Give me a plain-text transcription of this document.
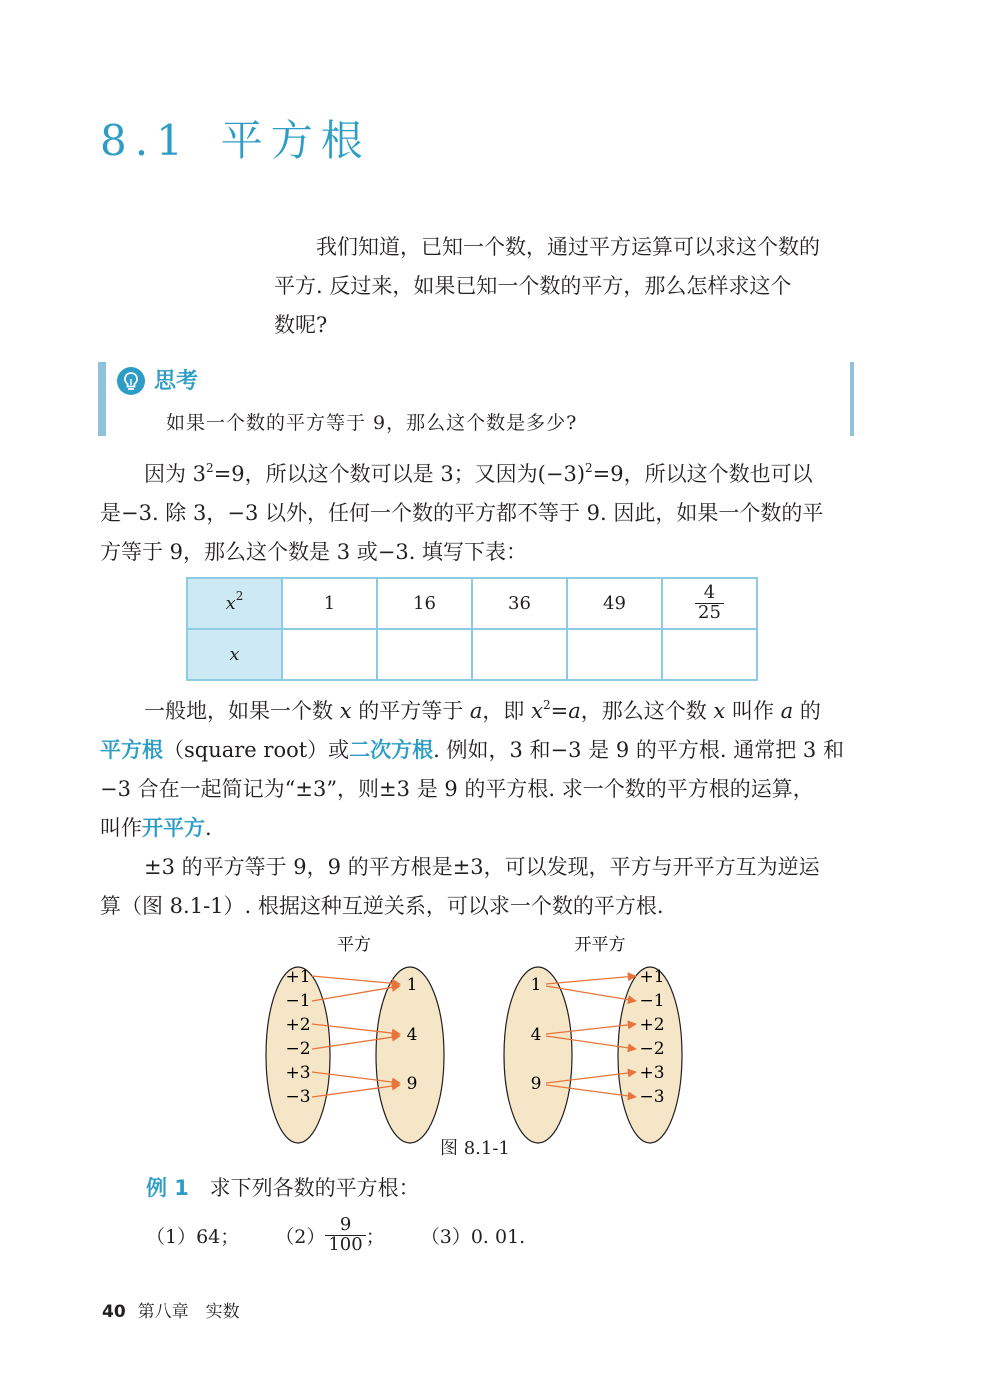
8.1 平方根
我们知道，已知一个数，通过平方运算可以求这个数的
平方. 反过来，如果已知一个数的平方，那么怎样求这个
数呢?
思考
如果一个数的平方等于 9，那么这个数是多少?
因为 $3^2=9$，所以这个数可以是 3；又因为$(-3)^2=9$，所以这个数也可以
是−3. 除 3，−3 以外，任何一个数的平方都不等于 9. 因此，如果一个数的平
方等于 9，那么这个数是 3 或−3. 填写下表：
$x^2$	1	16	36	49	$\frac{4}{25}$

x					
一般地，如果一个数 x 的平方等于 a，即 $x^2=a$，那么这个数 x 叫作 a 的
平方根（square root）或二次方根. 例如，3 和−3 是 9 的平方根. 通常把 3 和
−3 合在一起简记为“±3”，则±3 是 9 的平方根. 求一个数的平方根的运算，
叫作开平方.
±3 的平方等于 9，9 的平方根是±3，可以发现，平方与开平方互为逆运
算（图 8.1-1）. 根据这种互逆关系，可以求一个数的平方根.
平方	开平方
+1
−1
+2
−2
+3
−3
1
4
9
1
4
9
+1
−1
+2
−2
+3
−3
图 8.1-1
例 1 求下列各数的平方根：
（1）64； $(2) \frac{9}{100}$ ； （3）0. 01.
40 第八章　实数
